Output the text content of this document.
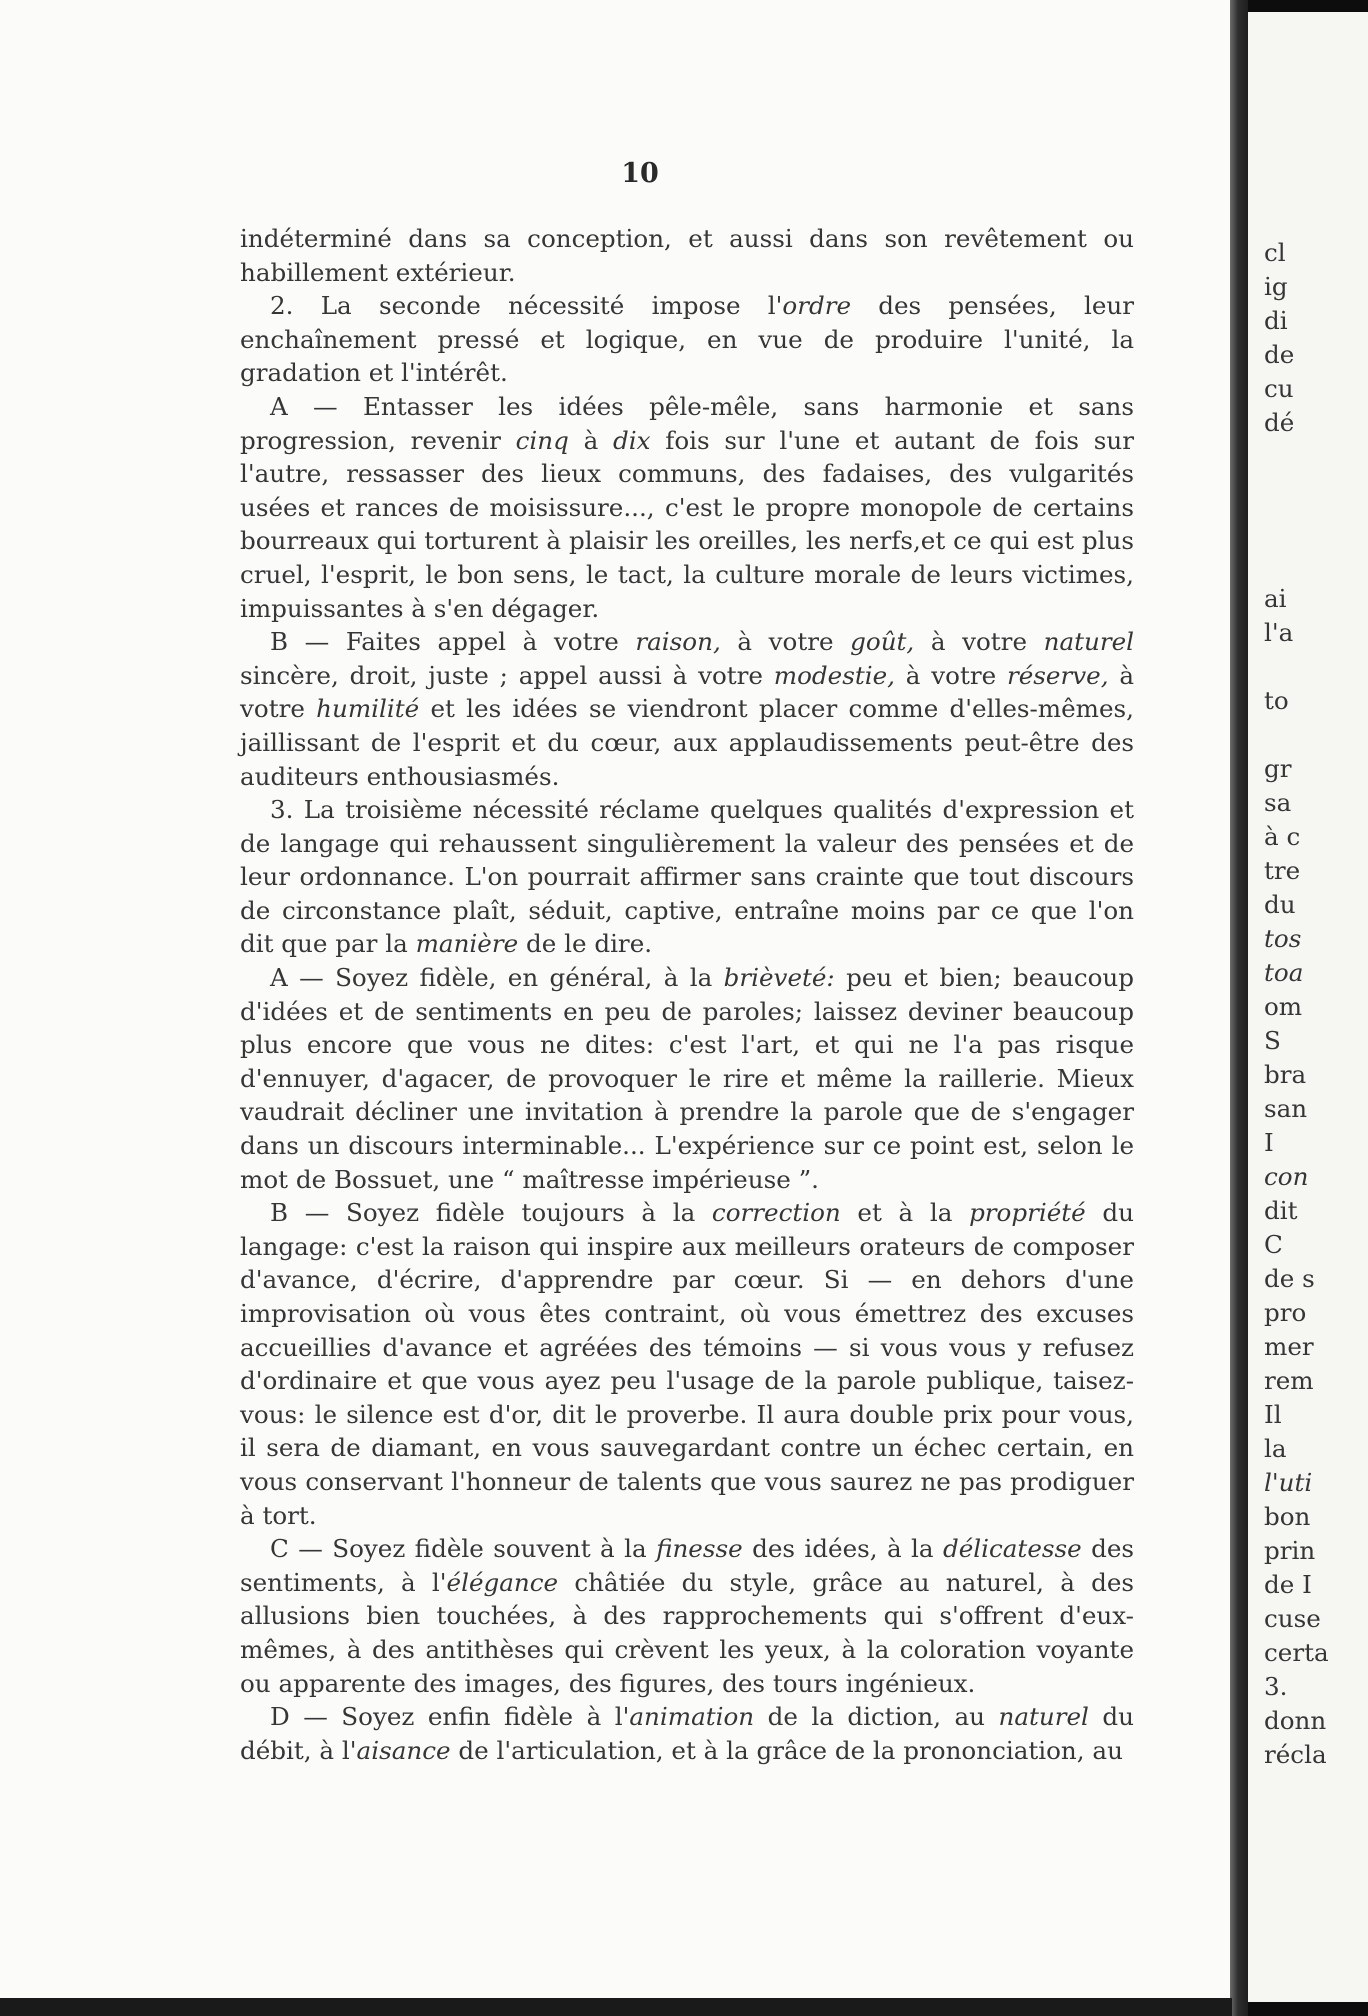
10

indéterminé dans sa conception, et aussi dans son revêtement ou habillement extérieur.

2. La seconde nécessité impose l'ordre des pensées, leur enchaînement pressé et logique, en vue de produire l'unité, la gradation et l'intérêt.

A — Entasser les idées pêle-mêle, sans harmonie et sans progression, revenir cinq à dix fois sur l'une et autant de fois sur l'autre, ressasser des lieux communs, des fadaises, des vulgarités usées et rances de moisissure..., c'est le propre monopole de certains bourreaux qui torturent à plaisir les oreilles, les nerfs,et ce qui est plus cruel, l'esprit, le bon sens, le tact, la culture morale de leurs victimes, impuissantes à s'en dégager.

B — Faites appel à votre raison, à votre goût, à votre naturel sincère, droit, juste ; appel aussi à votre modestie, à votre réserve, à votre humilité et les idées se viendront placer comme d'elles-mêmes, jaillissant de l'esprit et du cœur, aux applaudissements peut-être des auditeurs enthousiasmés.

3. La troisième nécessité réclame quelques qualités d'expression et de langage qui rehaussent singulièrement la valeur des pensées et de leur ordonnance. L'on pourrait affirmer sans crainte que tout discours de circonstance plaît, séduit, captive, entraîne moins par ce que l'on dit que par la manière de le dire.

A — Soyez fidèle, en général, à la brièveté: peu et bien; beaucoup d'idées et de sentiments en peu de paroles; laissez deviner beaucoup plus encore que vous ne dites: c'est l'art, et qui ne l'a pas risque d'ennuyer, d'agacer, de provoquer le rire et même la raillerie. Mieux vaudrait décliner une invitation à prendre la parole que de s'engager dans un discours interminable... L'expérience sur ce point est, selon le mot de Bossuet, une “ maîtresse impérieuse ”.

B — Soyez fidèle toujours à la correction et à la propriété du langage: c'est la raison qui inspire aux meilleurs orateurs de composer d'avance, d'écrire, d'apprendre par cœur. Si — en dehors d'une improvisation où vous êtes contraint, où vous émettrez des excuses accueillies d'avance et agréées des témoins — si vous vous y refusez d'ordinaire et que vous ayez peu l'usage de la parole publique, taisez-vous: le silence est d'or, dit le proverbe. Il aura double prix pour vous, il sera de diamant, en vous sauvegardant contre un échec certain, en vous conservant l'honneur de talents que vous saurez ne pas prodiguer à tort.

C — Soyez fidèle souvent à la finesse des idées, à la délicatesse des sentiments, à l'élégance châtiée du style, grâce au naturel, à des allusions bien touchées, à des rapprochements qui s'offrent d'eux-mêmes, à des antithèses qui crèvent les yeux, à la coloration voyante ou apparente des images, des figures, des tours ingénieux.

D — Soyez enfin fidèle à l'animation de la diction, au naturel du débit, à l'aisance de l'articulation, et à la grâce de la prononciation, au

cl
ig
di
de
cu
dé
ai
l'a
to
gr
sa
à c
tre
du
tos
toa
om
S
bra
san
I
con
dit
C
de s
pro
mer
rem
Il
la
l'uti
bon
prin
de I
cuse
certa
3.
donn
récla
